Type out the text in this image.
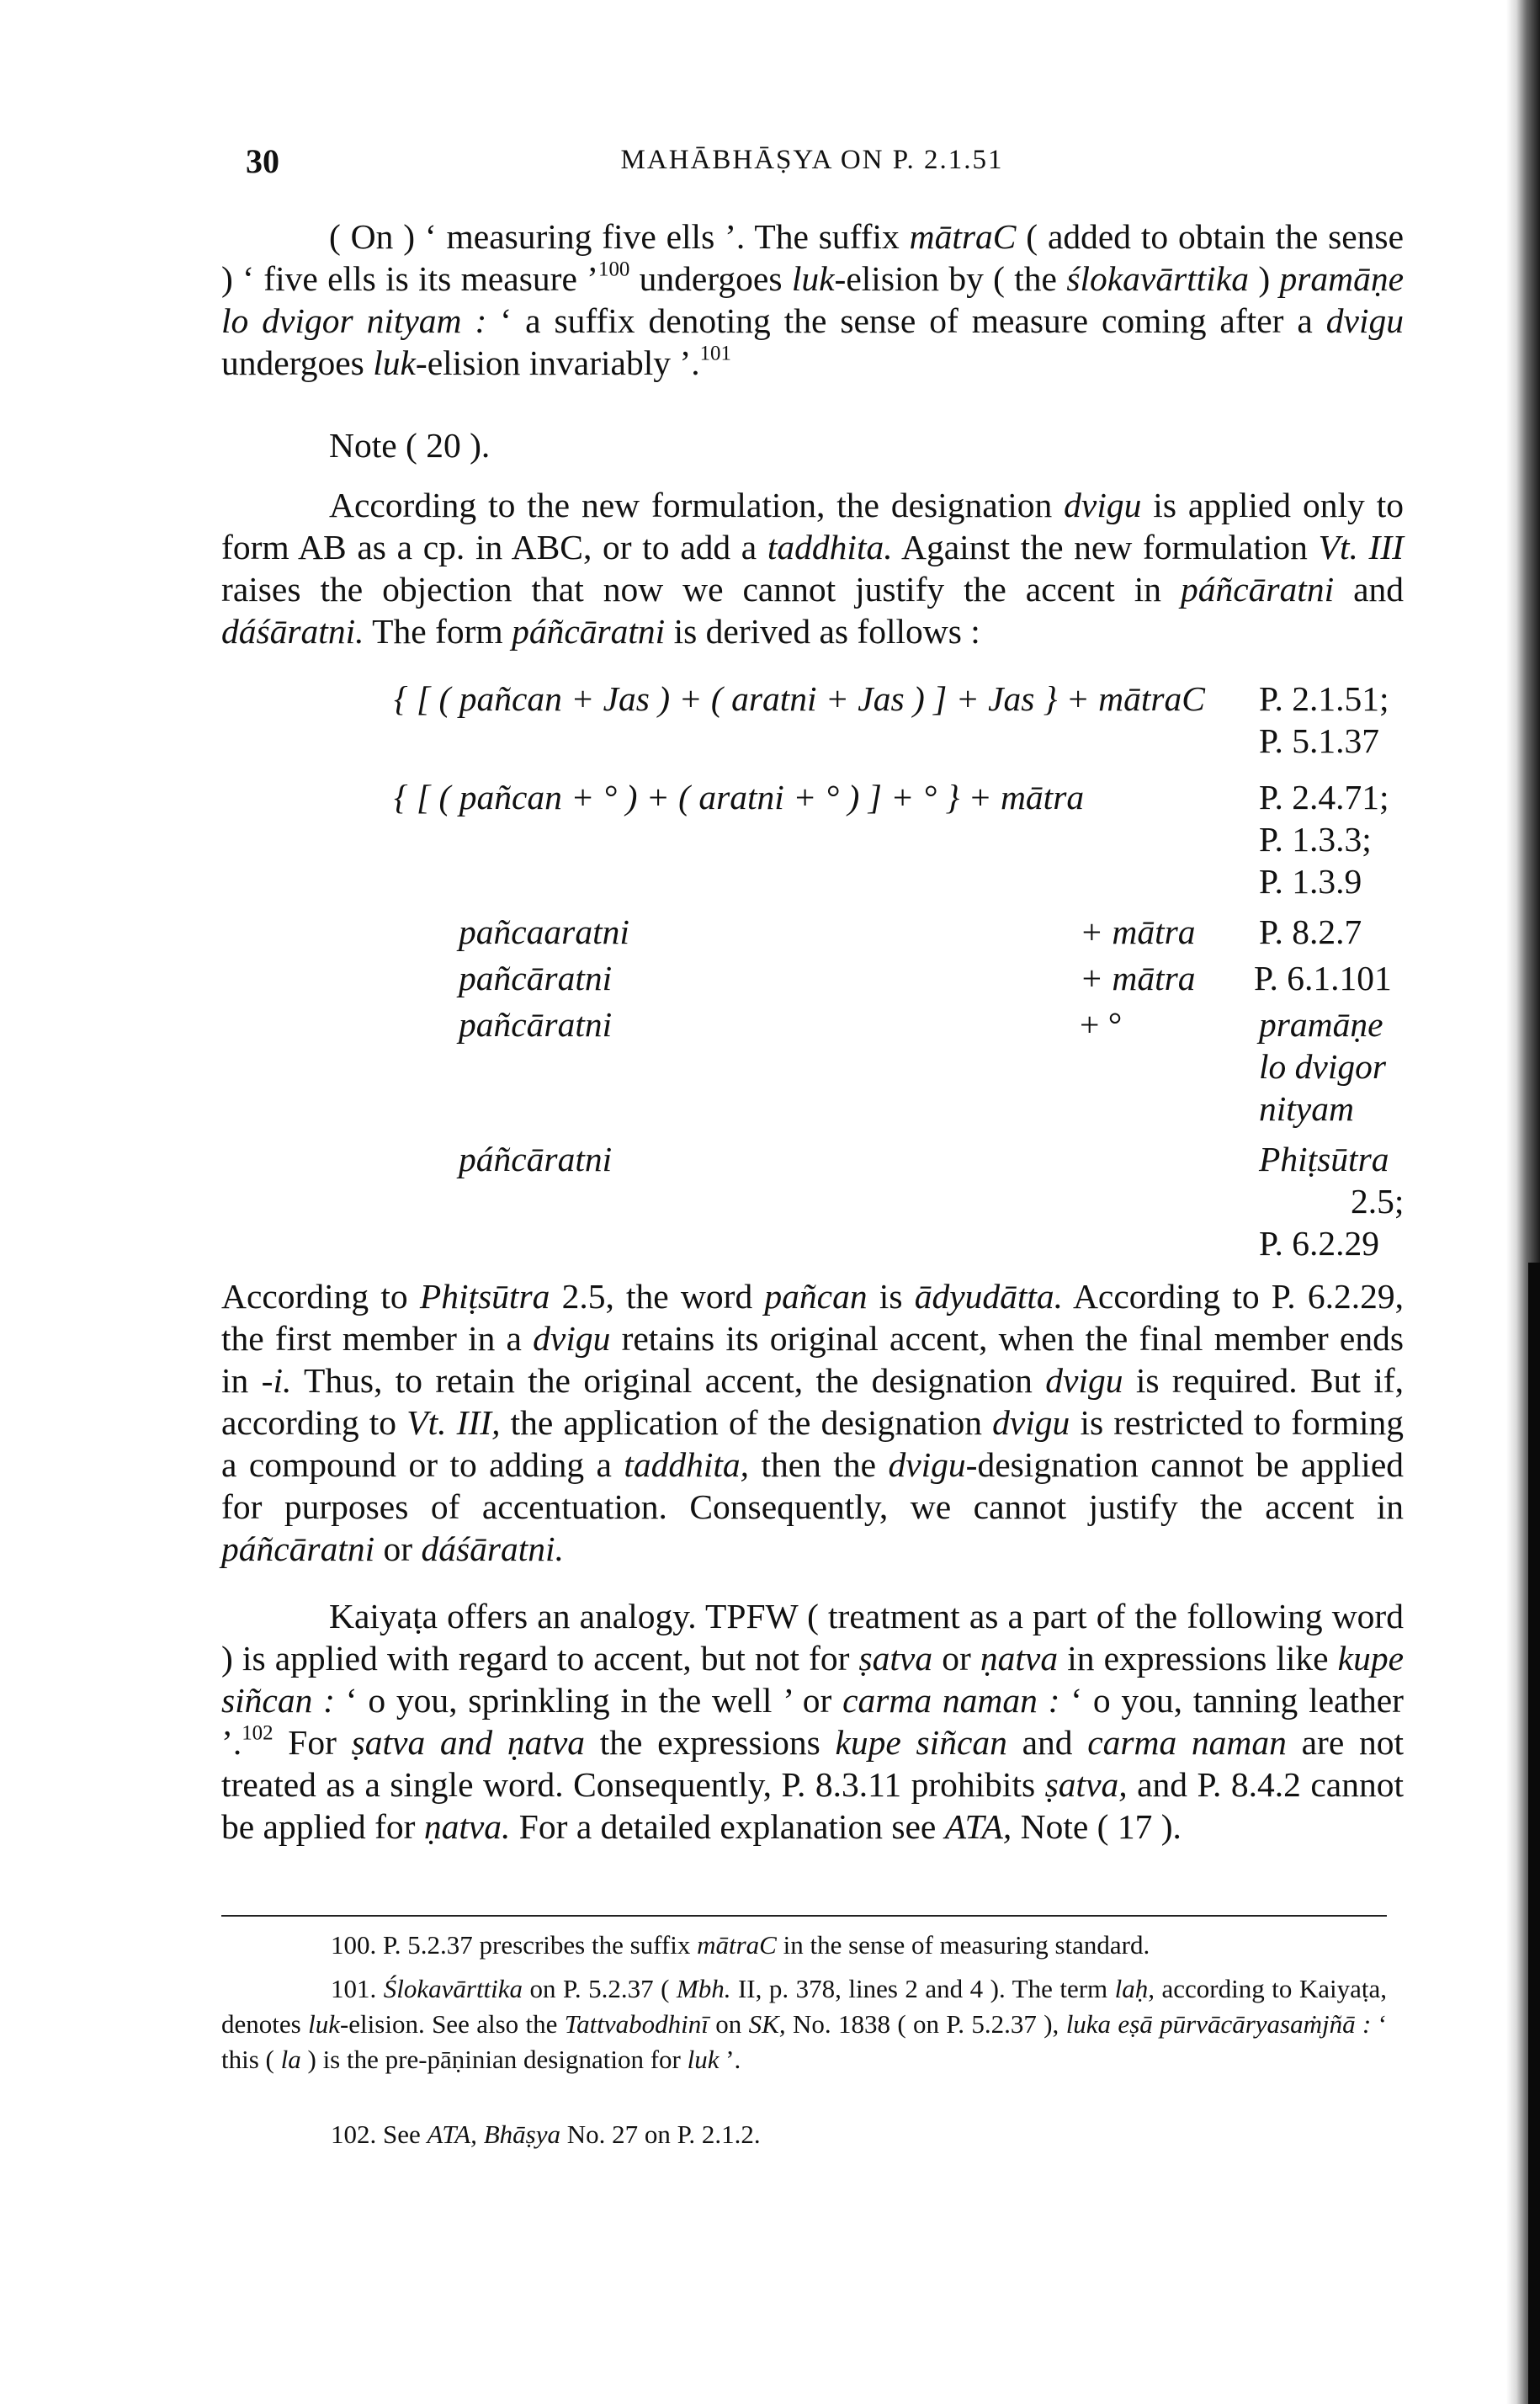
30	MAHĀBHĀṢYA ON P. 2.1.51

( On ) ‘ measuring five ells ’. The suffix mātraC ( added to obtain the sense ) ‘ five ells is its measure ’$^{100}$ undergoes luk-elision by ( the ślokavārttika ) pramāṇe lo dvigor nityam : ‘ a suffix denoting the sense of measure coming after a dvigu undergoes luk-elision invariably ’.$^{101}$

Note ( 20 ).

According to the new formulation, the designation dvigu is applied only to form AB as a cp. in ABC, or to add a taddhita. Against the new formulation Vt. III raises the objection that now we cannot justify the accent in páñcāratni and dáśāratni. The form páñcāratni is derived as follows :

{ [ ( pañcan + Jas ) + ( aratni + Jas ) ] + Jas } + mātraC P. 2.1.51;
P. 5.1.37
{ [ ( pañcan + ° ) + ( aratni + ° ) ] + ° } + mātra	P. 2.4.71;
P. 1.3.3;
P. 1.3.9
pañcaaratni	+ mātra P. 8.2.7
pañcāratni	+ mātra P. 6.1.101
pañcāratni	+ °	pramāṇe
lo dvigor
nityam
páñcāratni	Phiṭsūtra
2.5;
P. 6.2.29

According to Phiṭsūtra 2.5, the word pañcan is ādyudātta. According to P. 6.2.29, the first member in a dvigu retains its original accent, when the final member ends in -i. Thus, to retain the original accent, the designation dvigu is required. But if, according to Vt. III, the application of the designation dvigu is restricted to forming a compound or to adding a taddhita, then the dvigu-designation cannot be applied for purposes of accentuation. Consequently, we cannot justify the accent in páñcāratni or dáśāratni.

Kaiyaṭa offers an analogy. TPFW ( treatment as a part of the following word ) is applied with regard to accent, but not for ṣatva or ṇatva in expressions like kupe siñcan : ‘ o you, sprinkling in the well ’ or carma naman : ‘ o you, tanning leather ’.$^{102}$ For ṣatva and ṇatva the expressions kupe siñcan and carma naman are not treated as a single word. Consequently, P. 8.3.11 prohibits ṣatva, and P. 8.4.2 cannot be applied for ṇatva. For a detailed explanation see ATA, Note ( 17 ).

100. P. 5.2.37 prescribes the suffix mātraC in the sense of measuring standard.

101. Ślokavārttika on P. 5.2.37 ( Mbh. II, p. 378, lines 2 and 4 ). The term laḥ, according to Kaiyaṭa, denotes luk-elision. See also the Tattvabodhinī on SK, No. 1838 ( on P. 5.2.37 ), luka eṣā pūrvācāryasaṁjñā : ‘ this ( la ) is the pre-pāṇinian designation for luk ’.

102. See ATA, Bhāṣya No. 27 on P. 2.1.2.
